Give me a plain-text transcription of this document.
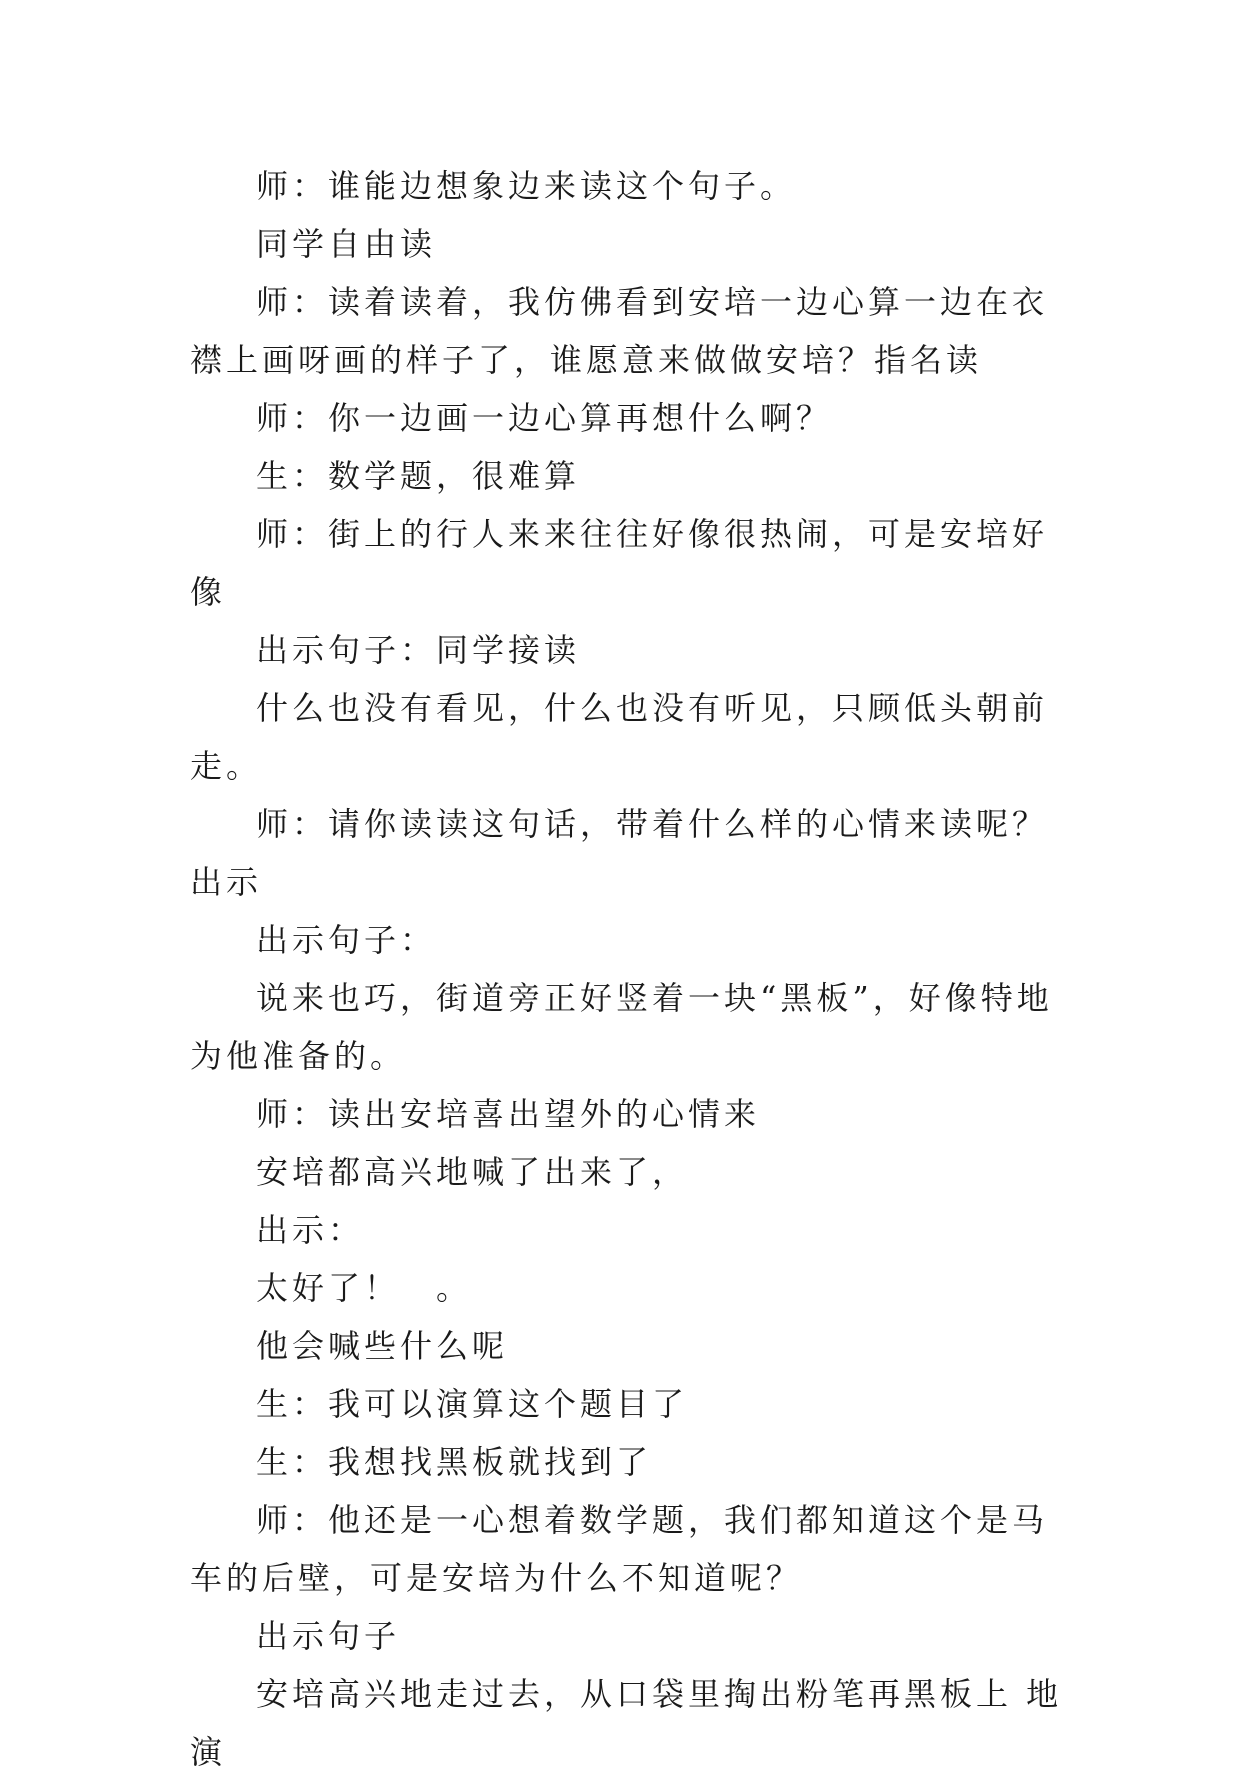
师：谁能边想象边来读这个句子。

同学自由读

师：读着读着，我仿佛看到安培一边心算一边在衣襟上画呀画的样子了，谁愿意来做做安培？指名读

师：你一边画一边心算再想什么啊？

生：数学题，很难算

师：街上的行人来来往往好像很热闹，可是安培好像

出示句子：同学接读

什么也没有看见，什么也没有听见，只顾低头朝前走。

师：请你读读这句话，带着什么样的心情来读呢？出示

出示句子：

说来也巧，街道旁正好竖着一块“黑板”，好像特地为他准备的。

师：读出安培喜出望外的心情来

安培都高兴地喊了出来了，

出示：

太好了！　。

他会喊些什么呢

生：我可以演算这个题目了

生：我想找黑板就找到了

师：他还是一心想着数学题，我们都知道这个是马车的后壁，可是安培为什么不知道呢？

出示句子

安培高兴地走过去，从口袋里掏出粉笔再黑板上 地演
